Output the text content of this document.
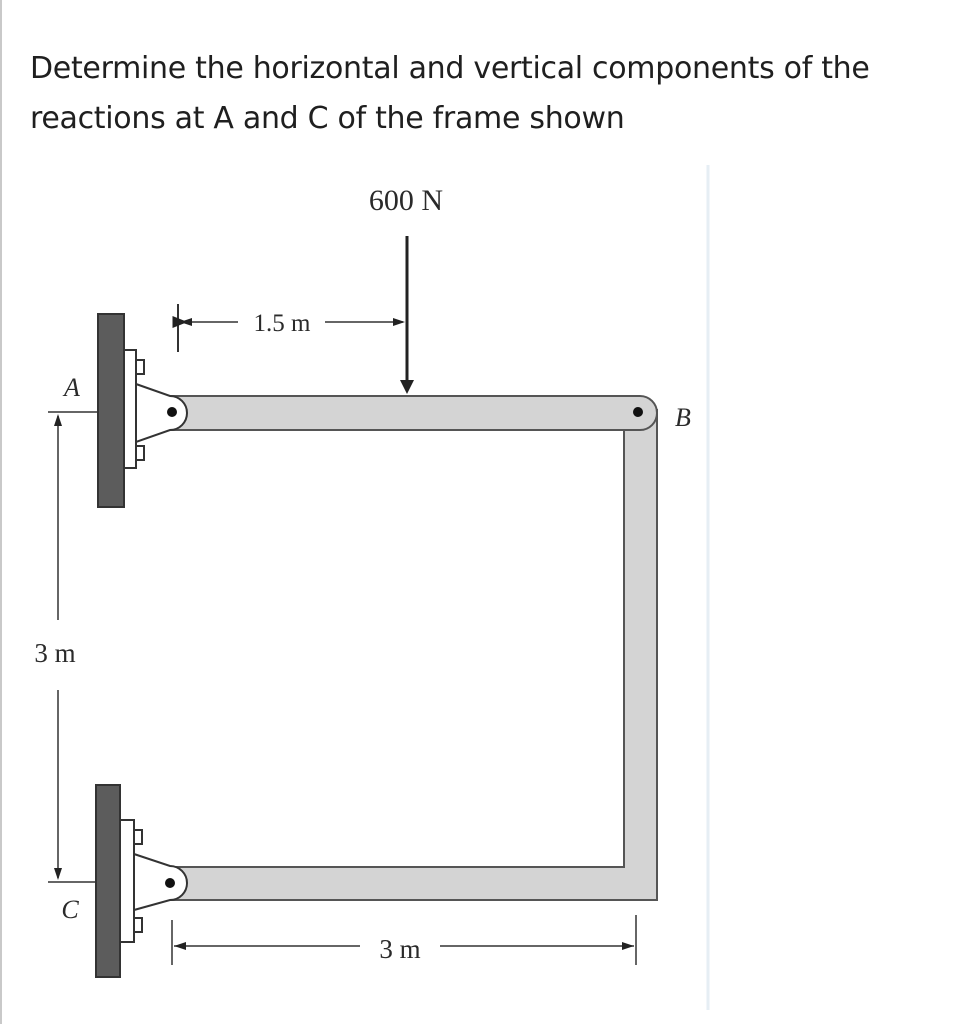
Determine the horizontal and vertical components of the
reactions at A and C of the frame shown
600 N
1.5 m
3 m
3 m
A
B
C
